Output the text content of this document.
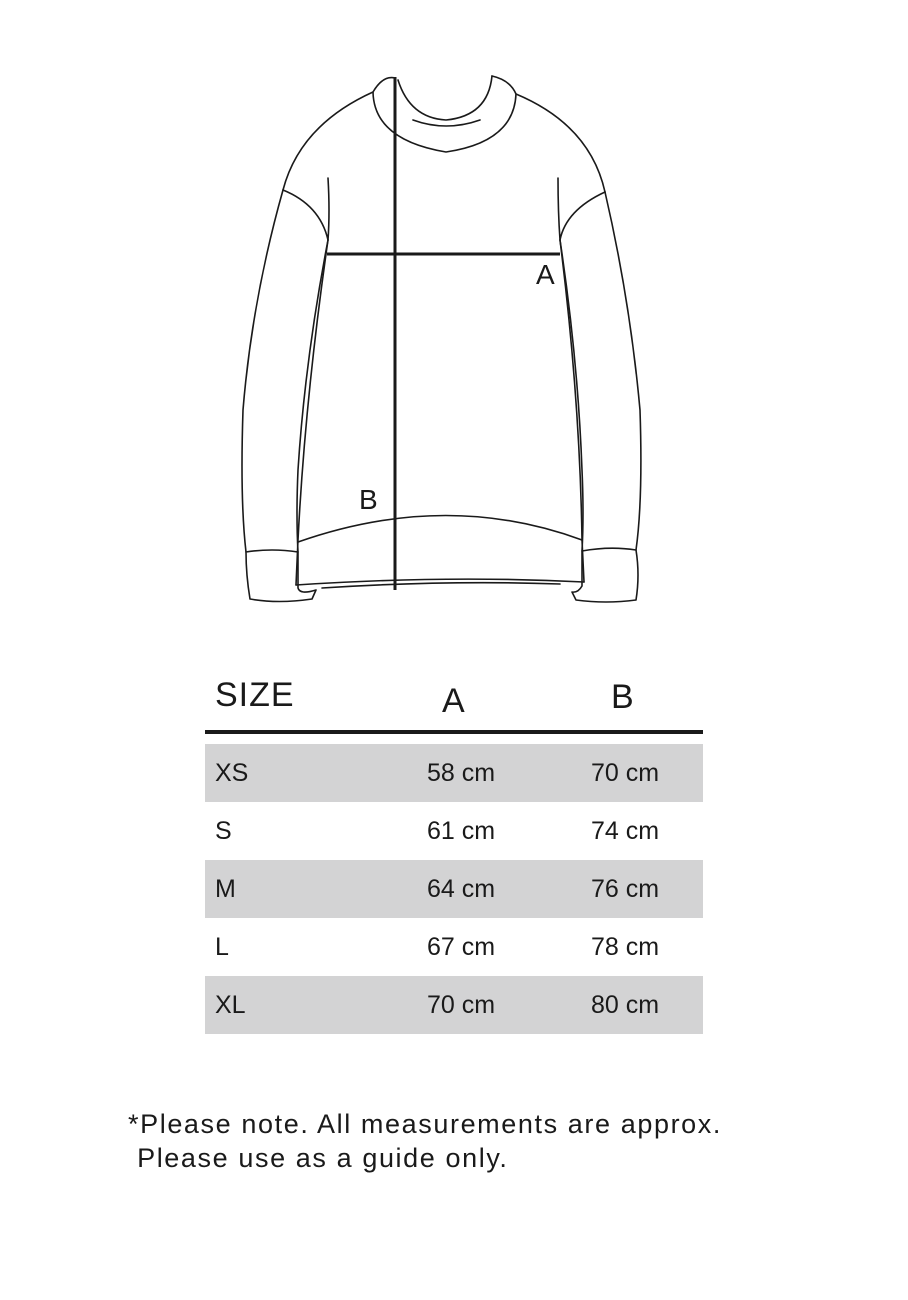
A
B
SIZE	A	B
XS	58 cm	70 cm
S	61 cm	74 cm
M	64 cm	76 cm
L	67 cm	78 cm
XL	70 cm	80 cm
*Please note. All measurements are approx.
Please use as a guide only.
